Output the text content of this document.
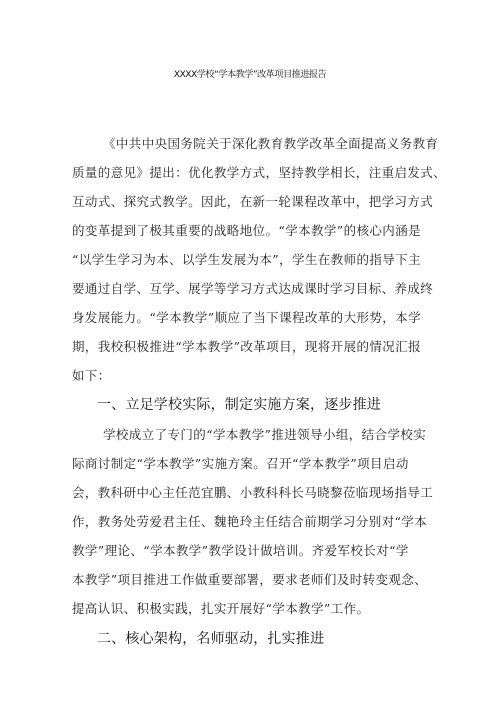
XXXX学校“学本教学”改革项目推进报告
《中共中央国务院关于深化教育教学改革全面提高义务教育
质量的意见》提出：优化教学方式，坚持教学相长，注重启发式、
互动式、探究式教学。因此，在新一轮课程改革中，把学习方式
的变革提到了极其重要的战略地位。“学本教学”的核心内涵是
“以学生学习为本、以学生发展为本”，学生在教师的指导下主
要通过自学、互学、展学等学习方式达成课时学习目标、养成终
身发展能力。“学本教学”顺应了当下课程改革的大形势，本学
期，我校积极推进“学本教学”改革项目，现将开展的情况汇报
如下：
一、立足学校实际，制定实施方案，逐步推进
学校成立了专门的“学本教学”推进领导小组，结合学校实
际商讨制定“学本教学”实施方案。召开“学本教学”项目启动
会，教科研中心主任范宜鹏、小教科科长马晓黎莅临现场指导工
作，教务处劳爱君主任、魏艳玲主任结合前期学习分别对“学本
教学”理论、“学本教学”教学设计做培训。齐爱军校长对“学
本教学”项目推进工作做重要部署，要求老师们及时转变观念、
提高认识、积极实践，扎实开展好“学本教学”工作。
二、核心架构，名师驱动，扎实推进
